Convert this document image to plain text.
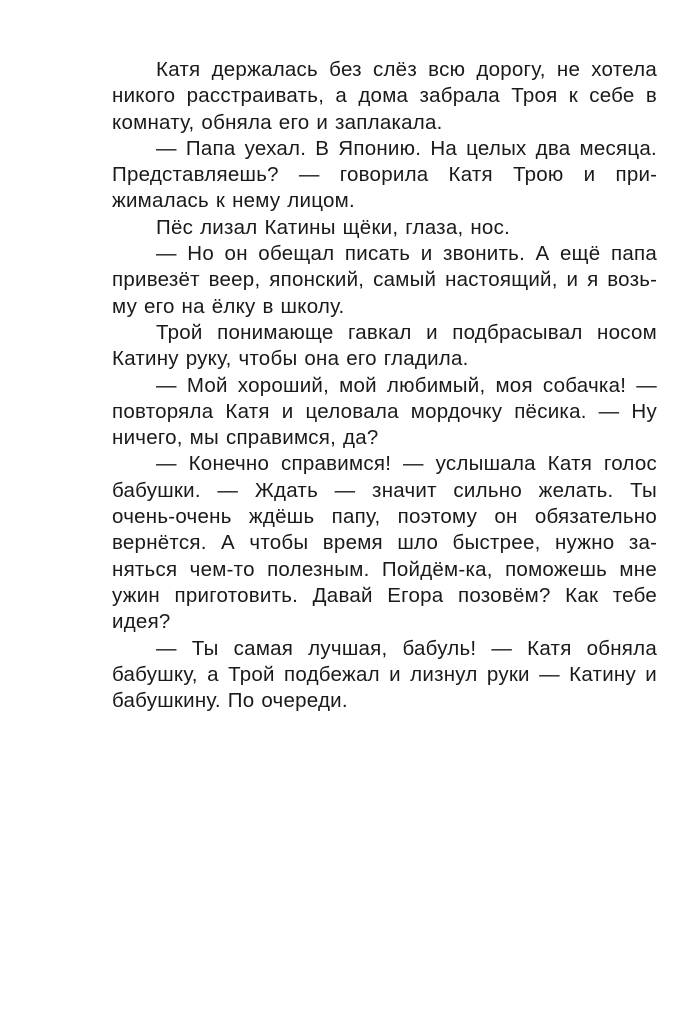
Катя держалась без слёз всю дорогу, не хотела никого расстраивать, а дома забрала Троя к себе в комнату, обняла его и заплакала.

— Папа уехал. В Японию. На целых два месяца. Представляешь? — говорила Катя Трою и прижималась к нему лицом.

Пёс лизал Катины щёки, глаза, нос.

— Но он обещал писать и звонить. А ещё папа привезёт веер, японский, самый настоящий, и я возьму его на ёлку в школу.

Трой понимающе гавкал и подбрасывал носом Катину руку, чтобы она его гладила.

— Мой хороший, мой любимый, моя собачка! — повторяла Катя и целовала мордочку пёсика. — Ну ничего, мы справимся, да?

— Конечно справимся! — услышала Катя голос бабушки. — Ждать — значит сильно желать. Ты очень-очень ждёшь папу, поэтому он обязательно вернётся. А чтобы время шло быстрее, нужно заняться чем-то полезным. Пойдём-ка, поможешь мне ужин приготовить. Давай Егора позовём? Как тебе идея?

— Ты самая лучшая, бабуль! — Катя обняла бабушку, а Трой подбежал и лизнул руки — Катину и бабушкину. По очереди.
